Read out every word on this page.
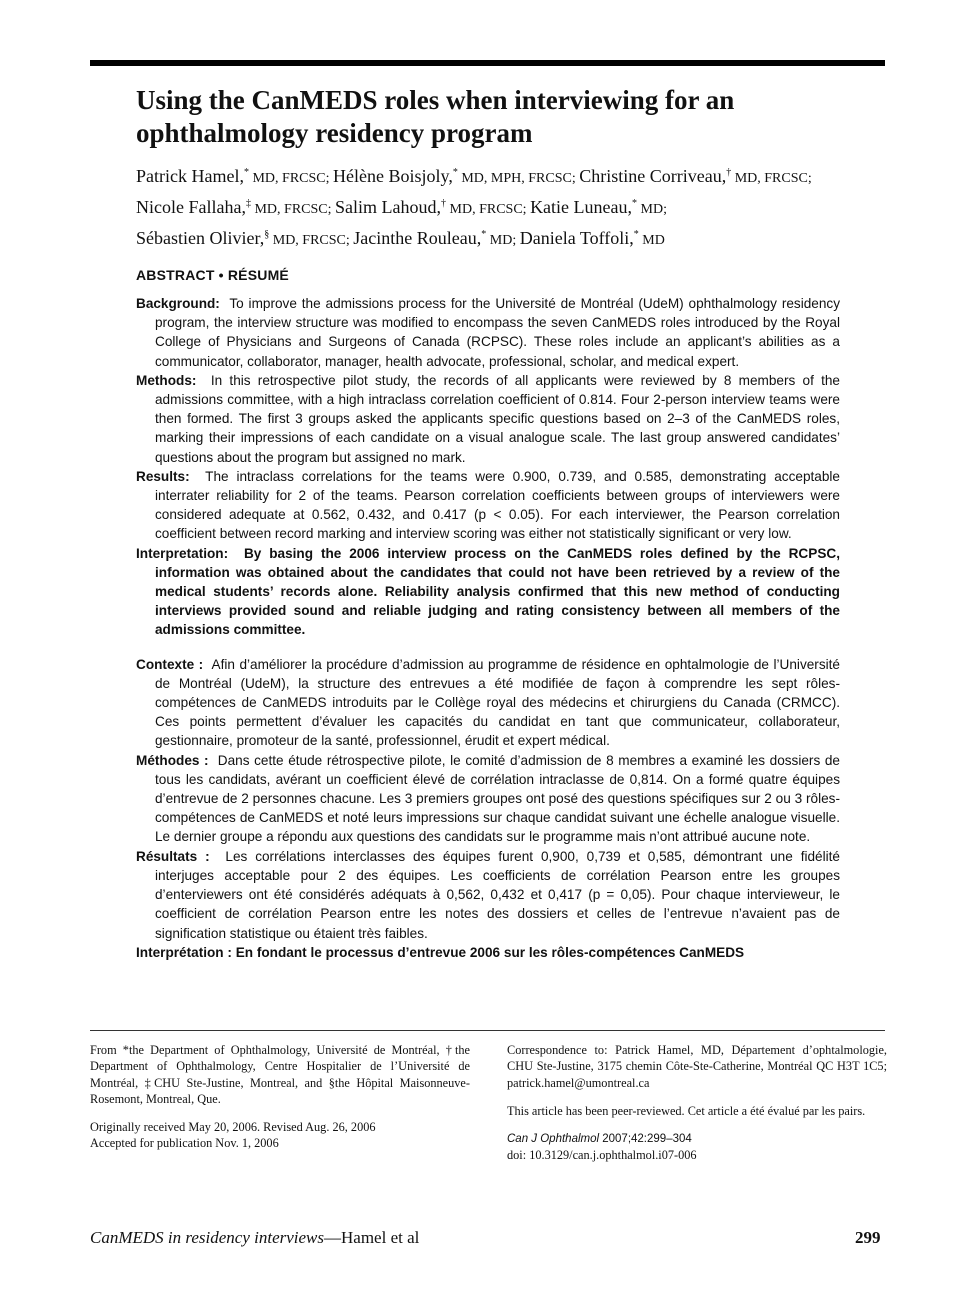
Using the CanMEDS roles when interviewing for an ophthalmology residency program
Patrick Hamel,* MD, FRCSC; Hélène Boisjoly,* MD, MPH, FRCSC; Christine Corriveau,† MD, FRCSC;
Nicole Fallaha,‡ MD, FRCSC; Salim Lahoud,† MD, FRCSC; Katie Luneau,* MD;
Sébastien Olivier,§ MD, FRCSC; Jacinthe Rouleau,* MD; Daniela Toffoli,* MD
ABSTRACT • RÉSUMÉ

Background: To improve the admissions process for the Université de Montréal (UdeM) ophthalmology residency program, the interview structure was modified to encompass the seven CanMEDS roles introduced by the Royal College of Physicians and Surgeons of Canada (RCPSC). These roles include an applicant’s abilities as a communicator, collaborator, manager, health advocate, professional, scholar, and medical expert.

Methods: In this retrospective pilot study, the records of all applicants were reviewed by 8 members of the admissions committee, with a high intraclass correlation coefficient of 0.814. Four 2-person interview teams were then formed. The first 3 groups asked the applicants specific questions based on 2–3 of the CanMEDS roles, marking their impressions of each candidate on a visual analogue scale. The last group answered candidates’ questions about the program but assigned no mark.

Results: The intraclass correlations for the teams were 0.900, 0.739, and 0.585, demonstrating acceptable interrater reliability for 2 of the teams. Pearson correlation coefficients between groups of interviewers were considered adequate at 0.562, 0.432, and 0.417 (p < 0.05). For each interviewer, the Pearson correlation coefficient between record marking and interview scoring was either not statistically significant or very low.

Interpretation: By basing the 2006 interview process on the CanMEDS roles defined by the RCPSC, information was obtained about the candidates that could not have been retrieved by a review of the medical students’ records alone. Reliability analysis confirmed that this new method of conducting interviews provided sound and reliable judging and rating consistency between all members of the admissions committee.

Contexte : Afin d’améliorer la procédure d’admission au programme de résidence en ophtalmologie de l’Université de Montréal (UdeM), la structure des entrevues a été modifiée de façon à comprendre les sept rôles-compétences de CanMEDS introduits par le Collège royal des médecins et chirurgiens du Canada (CRMCC). Ces points permettent d’évaluer les capacités du candidat en tant que communicateur, collaborateur, gestionnaire, promoteur de la santé, professionnel, érudit et expert médical.

Méthodes : Dans cette étude rétrospective pilote, le comité d’admission de 8 membres a examiné les dossiers de tous les candidats, avérant un coefficient élevé de corrélation intraclasse de 0,814. On a formé quatre équipes d’entrevue de 2 personnes chacune. Les 3 premiers groupes ont posé des questions spécifiques sur 2 ou 3 rôles-compétences de CanMEDS et noté leurs impressions sur chaque candidat suivant une échelle analogue visuelle. Le dernier groupe a répondu aux questions des candidats sur le programme mais n’ont attribué aucune note.

Résultats : Les corrélations interclasses des équipes furent 0,900, 0,739 et 0,585, démontrant une fidélité interjuges acceptable pour 2 des équipes. Les coefficients de corrélation Pearson entre les groupes d’enterviewers ont été considérés adéquats à 0,562, 0,432 et 0,417 (p = 0,05). Pour chaque intervieweur, le coefficient de corrélation Pearson entre les notes des dossiers et celles de l’entrevue n’avaient pas de signification statistique ou étaient très faibles.

Interprétation : En fondant le processus d’entrevue 2006 sur les rôles-compétences CanMEDS

From *the Department of Ophthalmology, Université de Montréal, †the Department of Ophthalmology, Centre Hospitalier de l’Université de Montréal, ‡CHU Ste-Justine, Montreal, and §the Hôpital Maisonneuve-Rosemont, Montreal, Que.

Originally received May 20, 2006. Revised Aug. 26, 2006

Accepted for publication Nov. 1, 2006

Correspondence to: Patrick Hamel, MD, Département d’ophtalmologie, CHU Ste-Justine, 3175 chemin Côte-Ste-Catherine, Montréal QC H3T 1C5; patrick.hamel@umontreal.ca

This article has been peer-reviewed. Cet article a été évalué par les pairs.

Can J Ophthalmol 2007;42:299–304

doi: 10.3129/can.j.ophthalmol.i07-006

CanMEDS in residency interviews—Hamel et al	299
